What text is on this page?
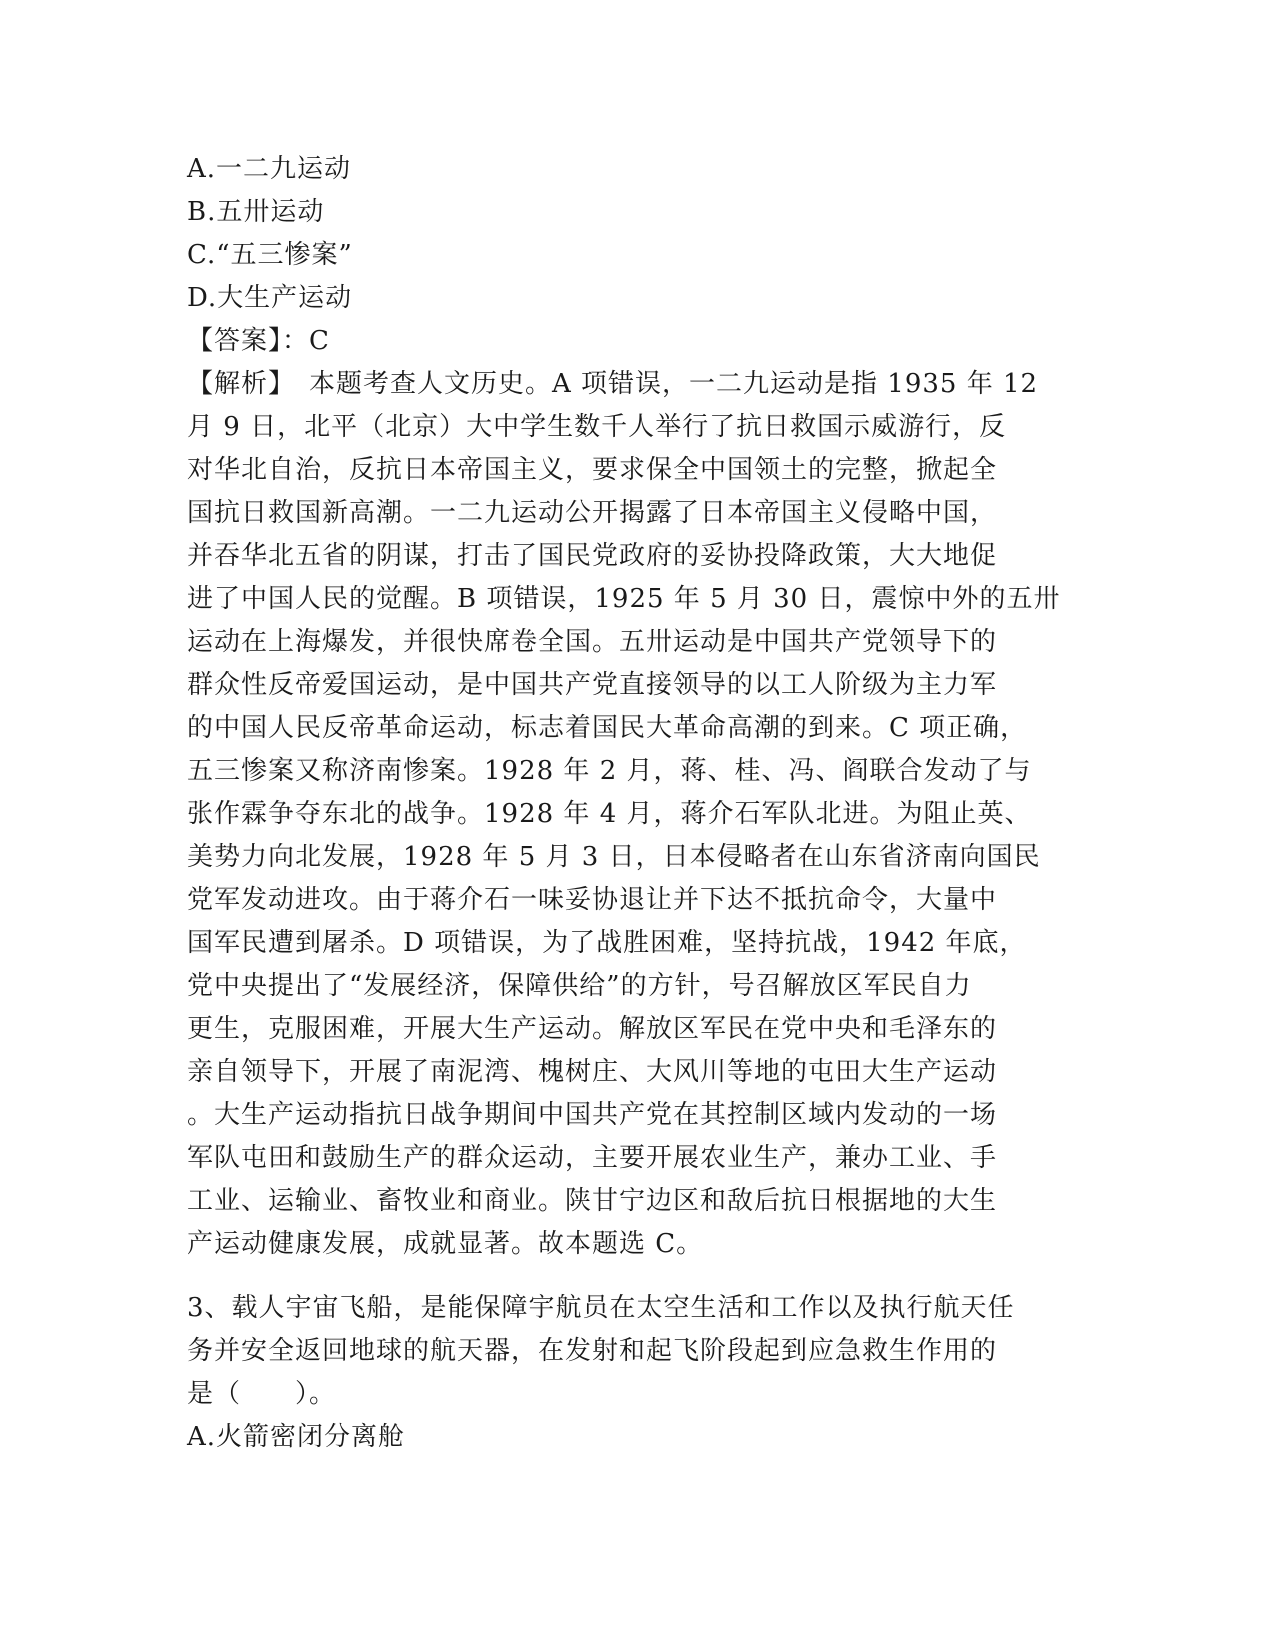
A.一二九运动
B.五卅运动
C.“五三惨案”
D.大生产运动
【答案】：C
【解析】　本题考查人文历史。A 项错误，一二九运动是指 1935 年 12
月 9 日，北平（北京）大中学生数千人举行了抗日救国示威游行，反
对华北自治，反抗日本帝国主义，要求保全中国领土的完整，掀起全
国抗日救国新高潮。一二九运动公开揭露了日本帝国主义侵略中国，
并吞华北五省的阴谋，打击了国民党政府的妥协投降政策，大大地促
进了中国人民的觉醒。B 项错误，1925 年 5 月 30 日，震惊中外的五卅
运动在上海爆发，并很快席卷全国。五卅运动是中国共产党领导下的
群众性反帝爱国运动，是中国共产党直接领导的以工人阶级为主力军
的中国人民反帝革命运动，标志着国民大革命高潮的到来。C 项正确，
五三惨案又称济南惨案。1928 年 2 月，蒋、桂、冯、阎联合发动了与
张作霖争夺东北的战争。1928 年 4 月，蒋介石军队北进。为阻止英、
美势力向北发展，1928 年 5 月 3 日，日本侵略者在山东省济南向国民
党军发动进攻。由于蒋介石一味妥协退让并下达不抵抗命令，大量中
国军民遭到屠杀。D 项错误，为了战胜困难，坚持抗战，1942 年底，
党中央提出了“发展经济，保障供给”的方针，号召解放区军民自力
更生，克服困难，开展大生产运动。解放区军民在党中央和毛泽东的
亲自领导下，开展了南泥湾、槐树庄、大风川等地的屯田大生产运动
。大生产运动指抗日战争期间中国共产党在其控制区域内发动的一场
军队屯田和鼓励生产的群众运动，主要开展农业生产，兼办工业、手
工业、运输业、畜牧业和商业。陕甘宁边区和敌后抗日根据地的大生
产运动健康发展，成就显著。故本题选 C。
3、载人宇宙飞船，是能保障宇航员在太空生活和工作以及执行航天任
务并安全返回地球的航天器，在发射和起飞阶段起到应急救生作用的
是（　　）。
A.火箭密闭分离舱
